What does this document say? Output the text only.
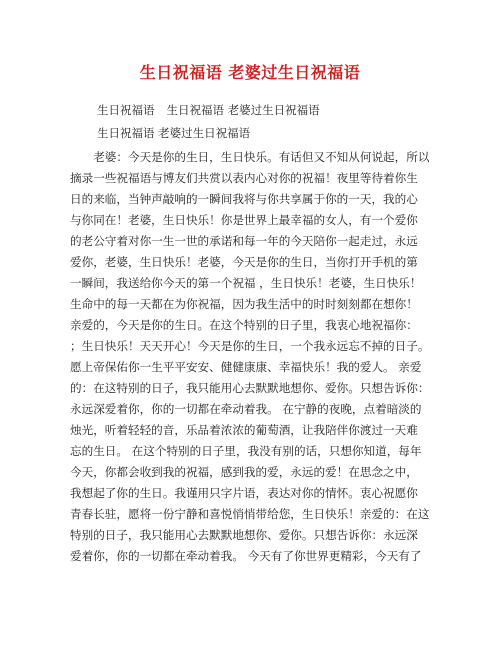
生日祝福语 老婆过生日祝福语
生日祝福语 生日祝福语 老婆过生日祝福语
生日祝福语 老婆过生日祝福语
　　老婆：今天是你的生日，生日快乐。有话但又不知从何说起，所以
摘录一些祝福语与博友们共赏以表内心对你的祝福！夜里等待着你生
日的来临，当钟声敲响的一瞬间我将与你共享属于你的一天，我的心
与你同在！老婆，生日快乐！你是世界上最幸福的女人，有一个爱你
的老公守着对你一生一世的承诺和每一年的今天陪你一起走过，永远
爱你，老婆，生日快乐！老婆，今天是你的生日，当你打开手机的第
一瞬间，我送给你今天的第一个祝福 ，生日快乐！老婆，生日快乐！
生命中的每一天都在为你祝福，因为我生活中的时时刻刻都在想你！
亲爱的，今天是你的生日。在这个特别的日子里，我衷心地祝福你：
；生日快乐！天天开心！今天是你的生日，一个我永远忘不掉的日子。
愿上帝保佑你一生平平安安、健健康康、幸福快乐！我的爱人。 亲爱
的：在这特别的日子，我只能用心去默默地想你、爱你。只想告诉你：
永远深爱着你，你的一切都在牵动着我。 在宁静的夜晚，点着暗淡的
烛光，听着轻轻的音，乐品着浓浓的葡萄酒，让我陪伴你渡过一天难
忘的生日。 在这个特别的日子里，我没有别的话，只想你知道，每年
今天，你都会收到我的祝福，感到我的爱，永远的爱！在思念之中，
我想起了你的生日。我谨用只字片语，表达对你的情怀。衷心祝愿你
青春长驻，愿将一份宁静和喜悦悄悄带给您，生日快乐！亲爱的：在这
特别的日子，我只能用心去默默地想你、爱你。只想告诉你：永远深
爱着你，你的一切都在牵动着我。 今天有了你世界更精彩，今天有了
